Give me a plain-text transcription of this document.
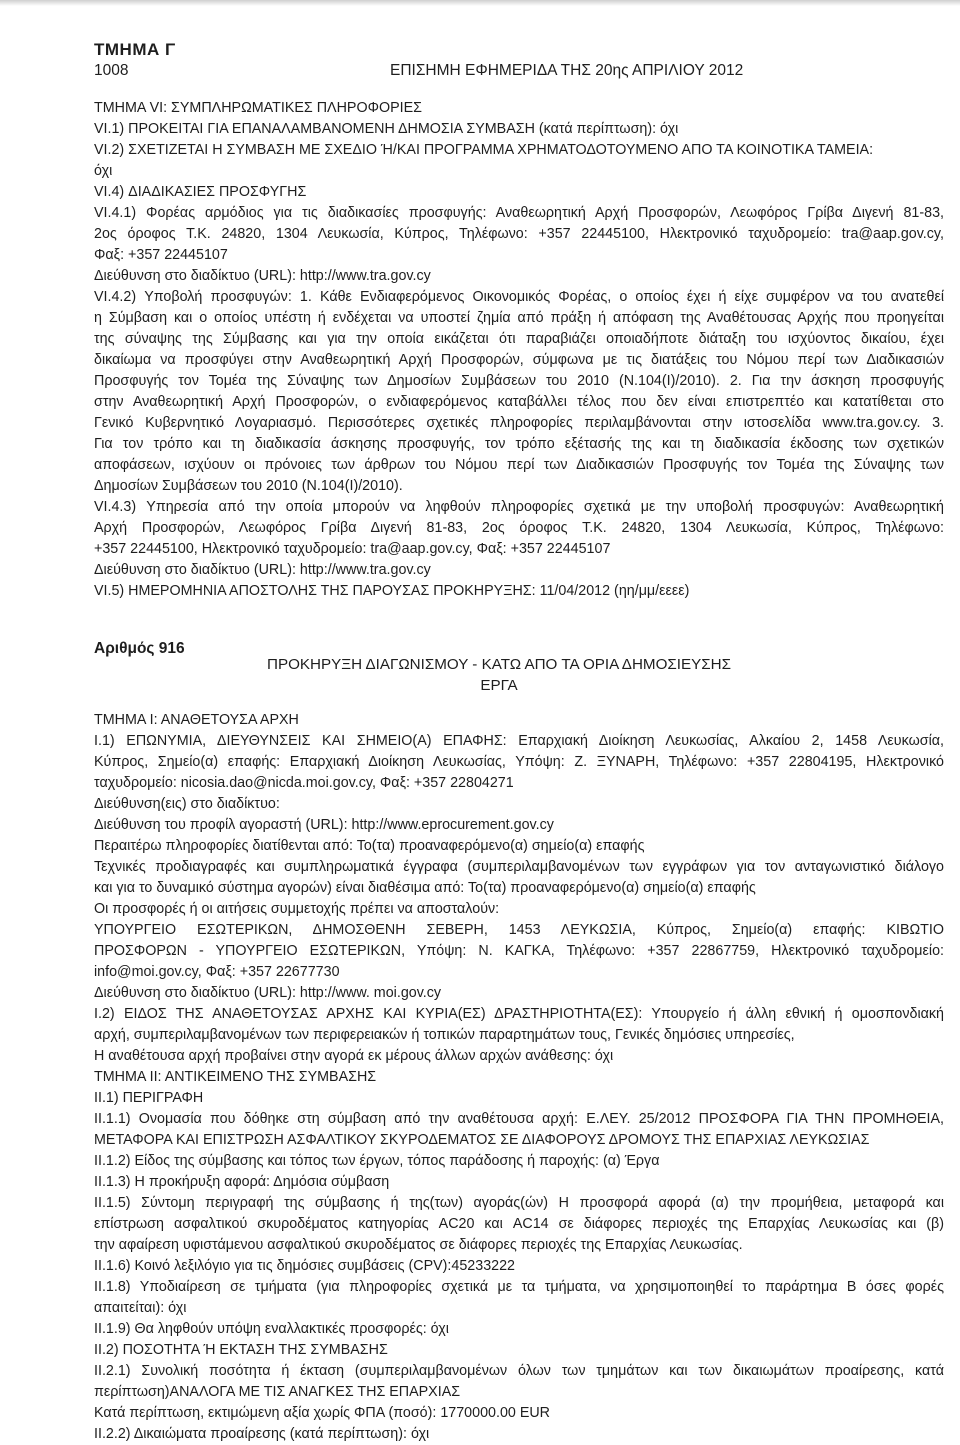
ΤΜΗΜΑ Γ
1008	ΕΠΙΣΗΜΗ ΕΦΗΜΕΡΙΔΑ ΤΗΣ 20ης ΑΠΡΙΛΙΟΥ 2012

ΤΜΗΜΑ VI: ΣΥΜΠΛΗΡΩΜΑΤΙΚΕΣ ΠΛΗΡΟΦΟΡΙΕΣ

VI.1) ΠΡΟΚΕΙΤΑΙ ΓΙΑ ΕΠΑΝΑΛΑΜΒΑΝΟΜΕΝΗ ΔΗΜΟΣΙΑ ΣΥΜΒΑΣΗ (κατά περίπτωση): όχι

VI.2) ΣΧΕΤΙΖΕΤΑΙ Η ΣΥΜΒΑΣΗ ΜΕ ΣΧΕΔΙΟ Ή/ΚΑΙ ΠΡΟΓΡΑΜΜΑ ΧΡΗΜΑΤΟΔΟΤΟΥΜΕΝΟ ΑΠΟ ΤΑ ΚΟΙΝΟΤΙΚΑ ΤΑΜΕΙΑ:

όχι

VI.4) ΔΙΑΔΙΚΑΣΙΕΣ ΠΡΟΣΦΥΓΗΣ

VI.4.1) Φορέας αρμόδιος για τις διαδικασίες προσφυγής: Αναθεωρητική Αρχή Προσφορών, Λεωφόρος Γρίβα Διγενή 81-83,

2ος όροφος Τ.Κ. 24820, 1304 Λευκωσία, Κύπρος, Τηλέφωνο: +357 22445100, Ηλεκτρονικό ταχυδρομείο: tra@aap.gov.cy,

Φαξ: +357 22445107

Διεύθυνση στο διαδίκτυο (URL): http://www.tra.gov.cy

VI.4.2) Υποβολή προσφυγών: 1. Κάθε Ενδιαφερόμενος Οικονομικός Φορέας, ο οποίος έχει ή είχε συμφέρον να του ανατεθεί

η Σύμβαση και ο οποίος υπέστη ή ενδέχεται να υποστεί ζημία από πράξη ή απόφαση της Αναθέτουσας Αρχής που προηγείται

της σύναψης της Σύμβασης και για την οποία εικάζεται ότι παραβιάζει οποιαδήποτε διάταξη του ισχύοντος δικαίου, έχει

δικαίωμα να προσφύγει στην Αναθεωρητική Αρχή Προσφορών, σύμφωνα με τις διατάξεις του Νόμου περί των Διαδικασιών

Προσφυγής τον Τομέα της Σύναψης των Δημοσίων Συμβάσεων του 2010 (Ν.104(Ι)/2010). 2. Για την άσκηση προσφυγής

στην Αναθεωρητική Αρχή Προσφορών, ο ενδιαφερόμενος καταβάλλει τέλος που δεν είναι επιστρεπτέο και κατατίθεται στο

Γενικό Κυβερνητικό Λογαριασμό. Περισσότερες σχετικές πληροφορίες περιλαμβάνονται στην ιστοσελίδα www.tra.gov.cy. 3.

Για τον τρόπο και τη διαδικασία άσκησης προσφυγής, τον τρόπο εξέτασής της και τη διαδικασία έκδοσης των σχετικών

αποφάσεων, ισχύουν οι πρόνοιες των άρθρων του Νόμου περί των Διαδικασιών Προσφυγής τον Τομέα της Σύναψης των

Δημοσίων Συμβάσεων του 2010 (Ν.104(Ι)/2010).

VI.4.3) Υπηρεσία από την οποία μπορούν να ληφθούν πληροφορίες σχετικά με την υποβολή προσφυγών: Αναθεωρητική

Αρχή Προσφορών, Λεωφόρος Γρίβα Διγενή 81-83, 2ος όροφος Τ.Κ. 24820, 1304 Λευκωσία, Κύπρος, Τηλέφωνο:

+357 22445100, Ηλεκτρονικό ταχυδρομείο: tra@aap.gov.cy, Φαξ: +357 22445107

Διεύθυνση στο διαδίκτυο (URL): http://www.tra.gov.cy

VI.5) ΗΜΕΡΟΜΗΝΙΑ ΑΠΟΣΤΟΛΗΣ ΤΗΣ ΠΑΡΟΥΣΑΣ ΠΡΟΚΗΡΥΞΗΣ: 11/04/2012 (ηη/μμ/εεεε)

Αριθμός 916
ΠΡΟΚΗΡΥΞΗ ΔΙΑΓΩΝΙΣΜΟΥ - ΚΑΤΩ ΑΠΟ ΤΑ ΟΡΙΑ ΔΗΜΟΣΙΕΥΣΗΣ
ΕΡΓΑ

ΤΜΗΜΑ Ι: ΑΝΑΘΕΤΟΥΣΑ ΑΡΧΗ

Ι.1) ΕΠΩΝΥΜΙΑ, ΔΙΕΥΘΥΝΣΕΙΣ ΚΑΙ ΣΗΜΕΙΟ(Α) ΕΠΑΦΗΣ: Επαρχιακή Διοίκηση Λευκωσίας, Αλκαίου 2, 1458 Λευκωσία,

Κύπρος, Σημείο(α) επαφής: Επαρχιακή Διοίκηση Λευκωσίας, Υπόψη: Ζ. ΞΥΝΑΡΗ, Τηλέφωνο: +357 22804195, Ηλεκτρονικό

ταχυδρομείο: nicosia.dao@nicda.moi.gov.cy, Φαξ: +357 22804271

Διεύθυνση(εις) στο διαδίκτυο:

Διεύθυνση του προφίλ αγοραστή (URL): http://www.eprocurement.gov.cy

Περαιτέρω πληροφορίες διατίθενται από: Το(τα) προαναφερόμενο(α) σημείο(α) επαφής

Τεχνικές προδιαγραφές και συμπληρωματικά έγγραφα (συμπεριλαμβανομένων των εγγράφων για τον ανταγωνιστικό διάλογο

και για το δυναμικό σύστημα αγορών) είναι διαθέσιμα από: Το(τα) προαναφερόμενο(α) σημείο(α) επαφής

Οι προσφορές ή οι αιτήσεις συμμετοχής πρέπει να αποσταλούν:

ΥΠΟΥΡΓΕΙΟ ΕΣΩΤΕΡΙΚΩΝ, ΔΗΜΟΣΘΕΝΗ ΣΕΒΕΡΗ, 1453 ΛΕΥΚΩΣΙΑ, Κύπρος, Σημείο(α) επαφής: ΚΙΒΩΤΙΟ

ΠΡΟΣΦΟΡΩΝ - ΥΠΟΥΡΓΕΙΟ ΕΣΩΤΕΡΙΚΩΝ, Υπόψη: Ν. ΚΑΓΚΑ, Τηλέφωνο: +357 22867759, Ηλεκτρονικό ταχυδρομείο:

info@moi.gov.cy, Φαξ: +357 22677730

Διεύθυνση στο διαδίκτυο (URL): http://www. moi.gov.cy

Ι.2) ΕΙΔΟΣ ΤΗΣ ΑΝΑΘΕΤΟΥΣΑΣ ΑΡΧΗΣ ΚΑΙ ΚΥΡΙΑ(ΕΣ) ΔΡΑΣΤΗΡΙΟΤΗΤΑ(ΕΣ): Υπουργείο ή άλλη εθνική ή ομοσπονδιακή

αρχή, συμπεριλαμβανομένων των περιφερειακών ή τοπικών παραρτημάτων τους, Γενικές δημόσιες υπηρεσίες,

Η αναθέτουσα αρχή προβαίνει στην αγορά εκ μέρους άλλων αρχών ανάθεσης: όχι

ΤΜΗΜΑ ΙΙ: ΑΝΤΙΚΕΙΜΕΝΟ ΤΗΣ ΣΥΜΒΑΣΗΣ

ΙΙ.1) ΠΕΡΙΓΡΑΦΗ

ΙΙ.1.1) Ονομασία που δόθηκε στη σύμβαση από την αναθέτουσα αρχή: Ε.ΛΕΥ. 25/2012 ΠΡΟΣΦΟΡΑ ΓΙΑ ΤΗΝ ΠΡΟΜΗΘΕΙΑ,

ΜΕΤΑΦΟΡΑ ΚΑΙ ΕΠΙΣΤΡΩΣΗ ΑΣΦΑΛΤΙΚΟΥ ΣΚΥΡΟΔΕΜΑΤΟΣ ΣΕ ΔΙΑΦΟΡΟΥΣ ΔΡΟΜΟΥΣ ΤΗΣ ΕΠΑΡΧΙΑΣ ΛΕΥΚΩΣΙΑΣ

ΙΙ.1.2) Είδος της σύμβασης και τόπος των έργων, τόπος παράδοσης ή παροχής: (α) Έργα

ΙΙ.1.3) Η προκήρυξη αφορά: Δημόσια σύμβαση

ΙΙ.1.5) Σύντομη περιγραφή της σύμβασης ή της(των) αγοράς(ών) Η προσφορά αφορά (α) την προμήθεια, μεταφορά και

επίστρωση ασφαλτικού σκυροδέματος κατηγορίας AC20 και AC14 σε διάφορες περιοχές της Επαρχίας Λευκωσίας και (β)

την αφαίρεση υφιστάμενου ασφαλτικού σκυροδέματος σε διάφορες περιοχές της Επαρχίας Λευκωσίας.

ΙΙ.1.6) Κοινό λεξιλόγιο για τις δημόσιες συμβάσεις (CPV):45233222

ΙΙ.1.8) Υποδιαίρεση σε τμήματα (για πληροφορίες σχετικά με τα τμήματα, να χρησιμοποιηθεί το παράρτημα Β όσες φορές

απαιτείται): όχι

ΙΙ.1.9) Θα ληφθούν υπόψη εναλλακτικές προσφορές: όχι

ΙΙ.2) ΠΟΣΟΤΗΤΑ Ή ΕΚΤΑΣΗ ΤΗΣ ΣΥΜΒΑΣΗΣ

ΙΙ.2.1) Συνολική ποσότητα ή έκταση (συμπεριλαμβανομένων όλων των τμημάτων και των δικαιωμάτων προαίρεσης, κατά

περίπτωση)ΑΝΑΛΟΓΑ ΜΕ ΤΙΣ ΑΝΑΓΚΕΣ ΤΗΣ ΕΠΑΡΧΙΑΣ

Κατά περίπτωση, εκτιμώμενη αξία χωρίς ΦΠΑ (ποσό): 1770000.00 EUR

ΙΙ.2.2) Δικαιώματα προαίρεσης (κατά περίπτωση): όχι
